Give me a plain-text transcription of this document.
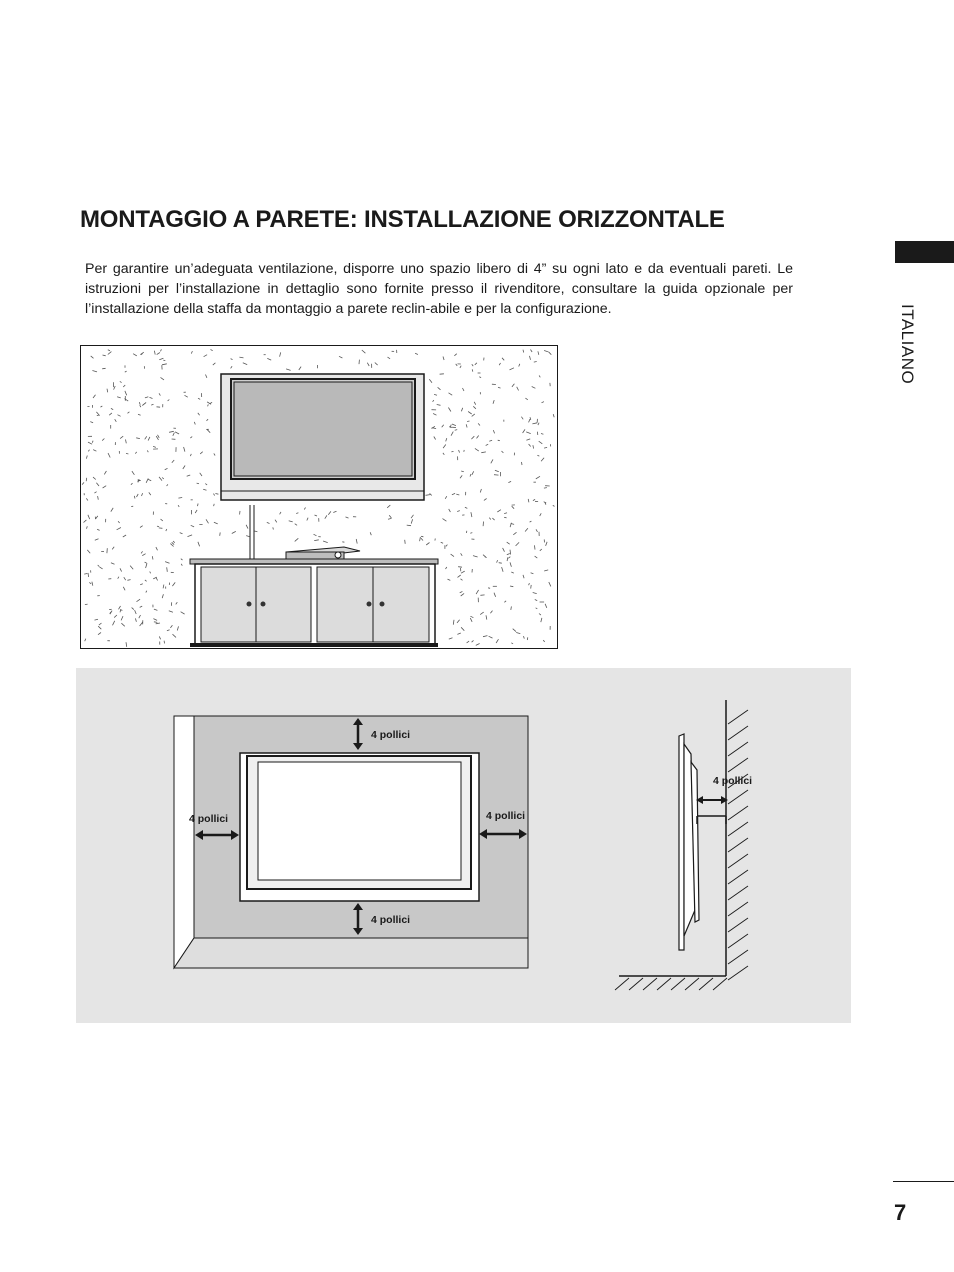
MONTAGGIO A PARETE: INSTALLAZIONE ORIZZONTALE

Per garantire un’adeguata ventilazione, disporre uno spazio libero di 4” su ogni lato e da eventuali pareti. Le istruzioni per l’installazione in dettaglio sono fornite presso il rivenditore, consultare la guida opzionale per l’installazione della staffa da montaggio a parete reclin-abile e per la configurazione.	ITALIANO
4 pollici
4 pollici	4 pollici
4 pollici
4 pollici
7
